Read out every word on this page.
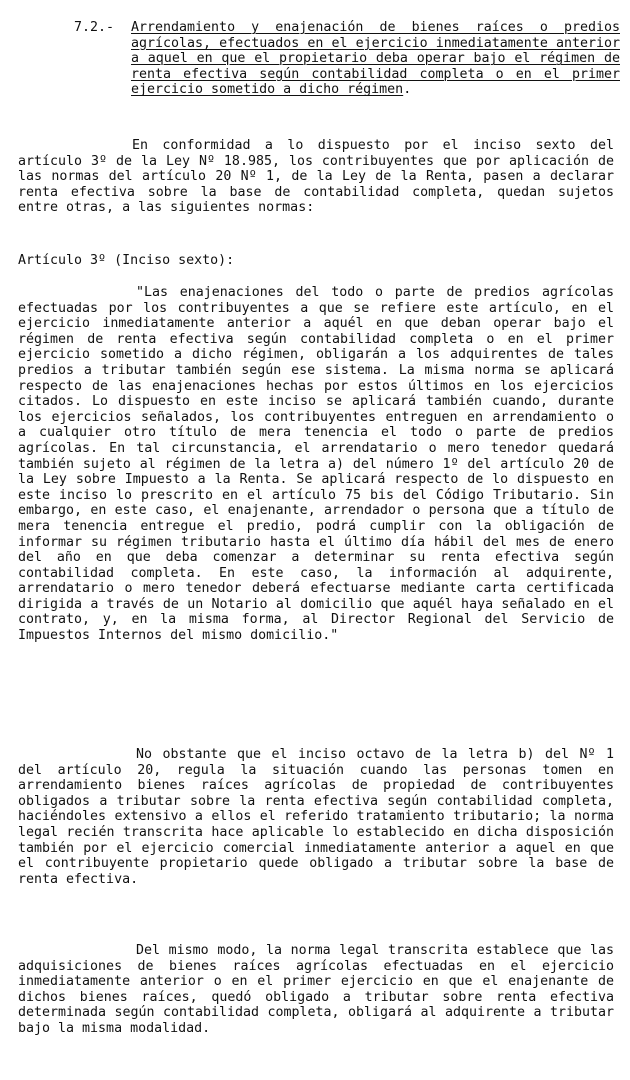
7.2.- Arrendamiento y enajenación de bienes raíces o predios agrícolas, efectuados en el ejercicio inmediatamente anterior a aquel en que el propietario deba operar bajo el régimen de renta efectiva según contabilidad completa o en el primer ejercicio sometido a dicho régimen.

En conformidad a lo dispuesto por el inciso sexto del artículo 3º de la Ley Nº 18.985, los contribuyentes que por aplicación de las normas del artículo 20 Nº 1, de la Ley de la Renta, pasen a declarar renta efectiva sobre la base de contabilidad completa, quedan sujetos entre otras, a las siguientes normas:

Artículo 3º (Inciso sexto):

"Las enajenaciones del todo o parte de predios agrícolas efectuadas por los contribuyentes a que se refiere este artículo, en el ejercicio inmediatamente anterior a aquél en que deban operar bajo el régimen de renta efectiva según contabilidad completa o en el primer ejercicio sometido a dicho régimen, obligarán a los adquirentes de tales predios a tributar también según ese sistema. La misma norma se aplicará respecto de las enajenaciones hechas por estos últimos en los ejercicios citados. Lo dispuesto en este inciso se aplicará también cuando, durante los ejercicios señalados, los contribuyentes entreguen en arrendamiento o a cualquier otro título de mera tenencia el todo o parte de predios agrícolas. En tal circunstancia, el arrendatario o mero tenedor quedará también sujeto al régimen de la letra a) del número 1º del artículo 20 de la Ley sobre Impuesto a la Renta. Se aplicará respecto de lo dispuesto en este inciso lo prescrito en el artículo 75 bis del Código Tributario. Sin embargo, en este caso, el enajenante, arrendador o persona que a título de mera tenencia entregue el predio, podrá cumplir con la obligación de informar su régimen tributario hasta el último día hábil del mes de enero del año en que deba comenzar a determinar su renta efectiva según contabilidad completa. En este caso, la información al adquirente, arrendatario o mero tenedor deberá efectuarse mediante carta certificada dirigida a través de un Notario al domicilio que aquél haya señalado en el contrato, y, en la misma forma, al Director Regional del Servicio de Impuestos Internos del mismo domicilio."

No obstante que el inciso octavo de la letra b) del Nº 1 del artículo 20, regula la situación cuando las personas tomen en arrendamiento bienes raíces agrícolas de propiedad de contribuyentes obligados a tributar sobre la renta efectiva según contabilidad completa, haciéndoles extensivo a ellos el referido tratamiento tributario; la norma legal recién transcrita hace aplicable lo establecido en dicha disposición también por el ejercicio comercial inmediatamente anterior a aquel en que el contribuyente propietario quede obligado a tributar sobre la base de renta efectiva.

Del mismo modo, la norma legal transcrita establece que las adquisiciones de bienes raíces agrícolas efectuadas en el ejercicio inmediatamente anterior o en el primer ejercicio en que el enajenante de dichos bienes raíces, quedó obligado a tributar sobre renta efectiva determinada según contabilidad completa, obligará al adquirente a tributar bajo la misma modalidad.
